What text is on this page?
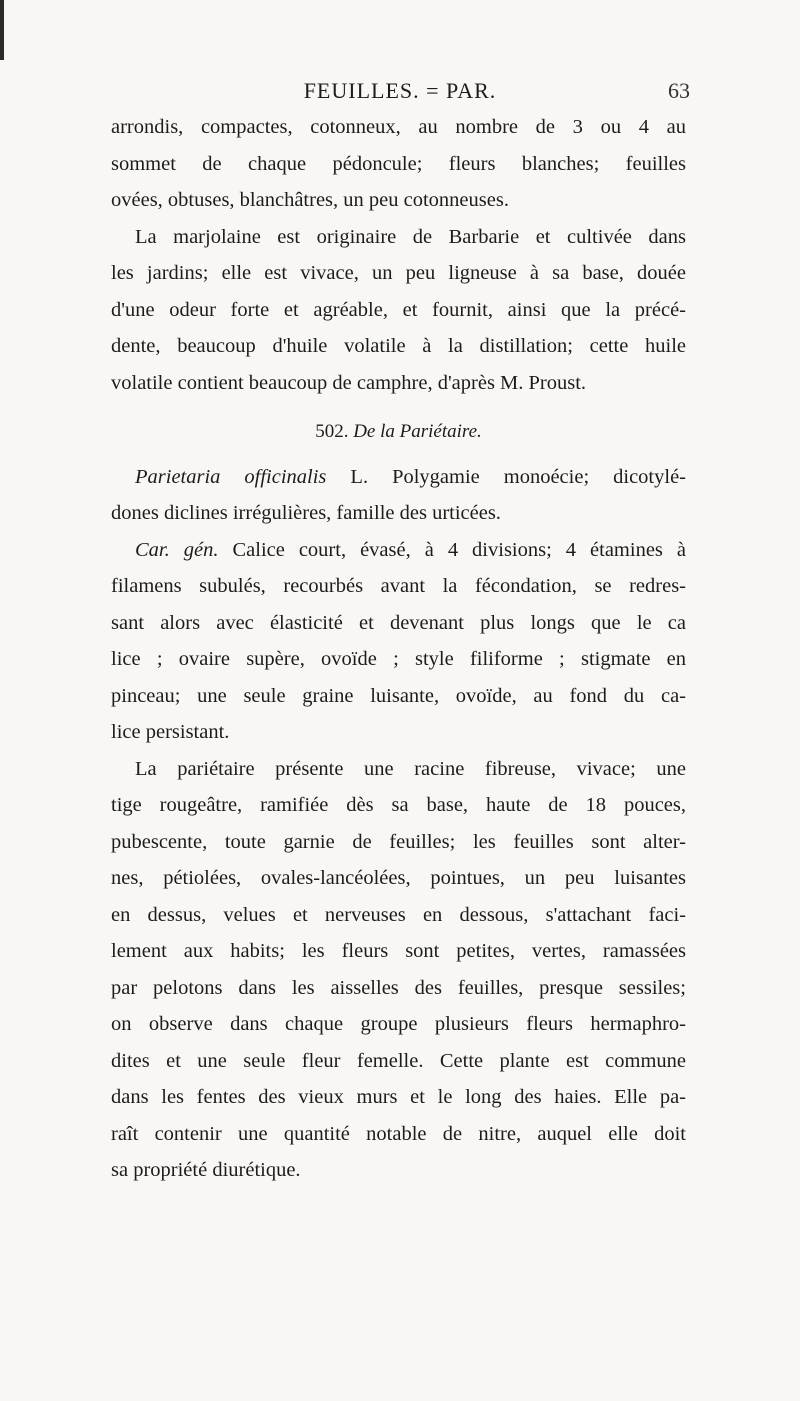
FEUILLES. = PAR.	63
arrondis, compactes, cotonneux, au nombre de 3 ou 4 au
sommet de chaque pédoncule; fleurs blanches; feuilles
ovées, obtuses, blanchâtres, un peu cotonneuses.
La marjolaine est originaire de Barbarie et cultivée dans
les jardins; elle est vivace, un peu ligneuse à sa base, douée
d'une odeur forte et agréable, et fournit, ainsi que la précé-
dente, beaucoup d'huile volatile à la distillation; cette huile
volatile contient beaucoup de camphre, d'après M. Proust.
502. De la Pariétaire.
Parietaria officinalis L. Polygamie monoécie; dicotylé-
dones diclines irrégulières, famille des urticées.
Car. gén. Calice court, évasé, à 4 divisions; 4 étamines à
filamens subulés, recourbés avant la fécondation, se redres-
sant alors avec élasticité et devenant plus longs que le ca
lice ; ovaire supère, ovoïde ; style filiforme ; stigmate en
pinceau; une seule graine luisante, ovoïde, au fond du ca-
lice persistant.
La pariétaire présente une racine fibreuse, vivace; une
tige rougeâtre, ramifiée dès sa base, haute de 18 pouces,
pubescente, toute garnie de feuilles; les feuilles sont alter-
nes, pétiolées, ovales-lancéolées, pointues, un peu luisantes
en dessus, velues et nerveuses en dessous, s'attachant faci-
lement aux habits; les fleurs sont petites, vertes, ramassées
par pelotons dans les aisselles des feuilles, presque sessiles;
on observe dans chaque groupe plusieurs fleurs hermaphro-
dites et une seule fleur femelle. Cette plante est commune
dans les fentes des vieux murs et le long des haies. Elle pa-
raît contenir une quantité notable de nitre, auquel elle doit
sa propriété diurétique.
